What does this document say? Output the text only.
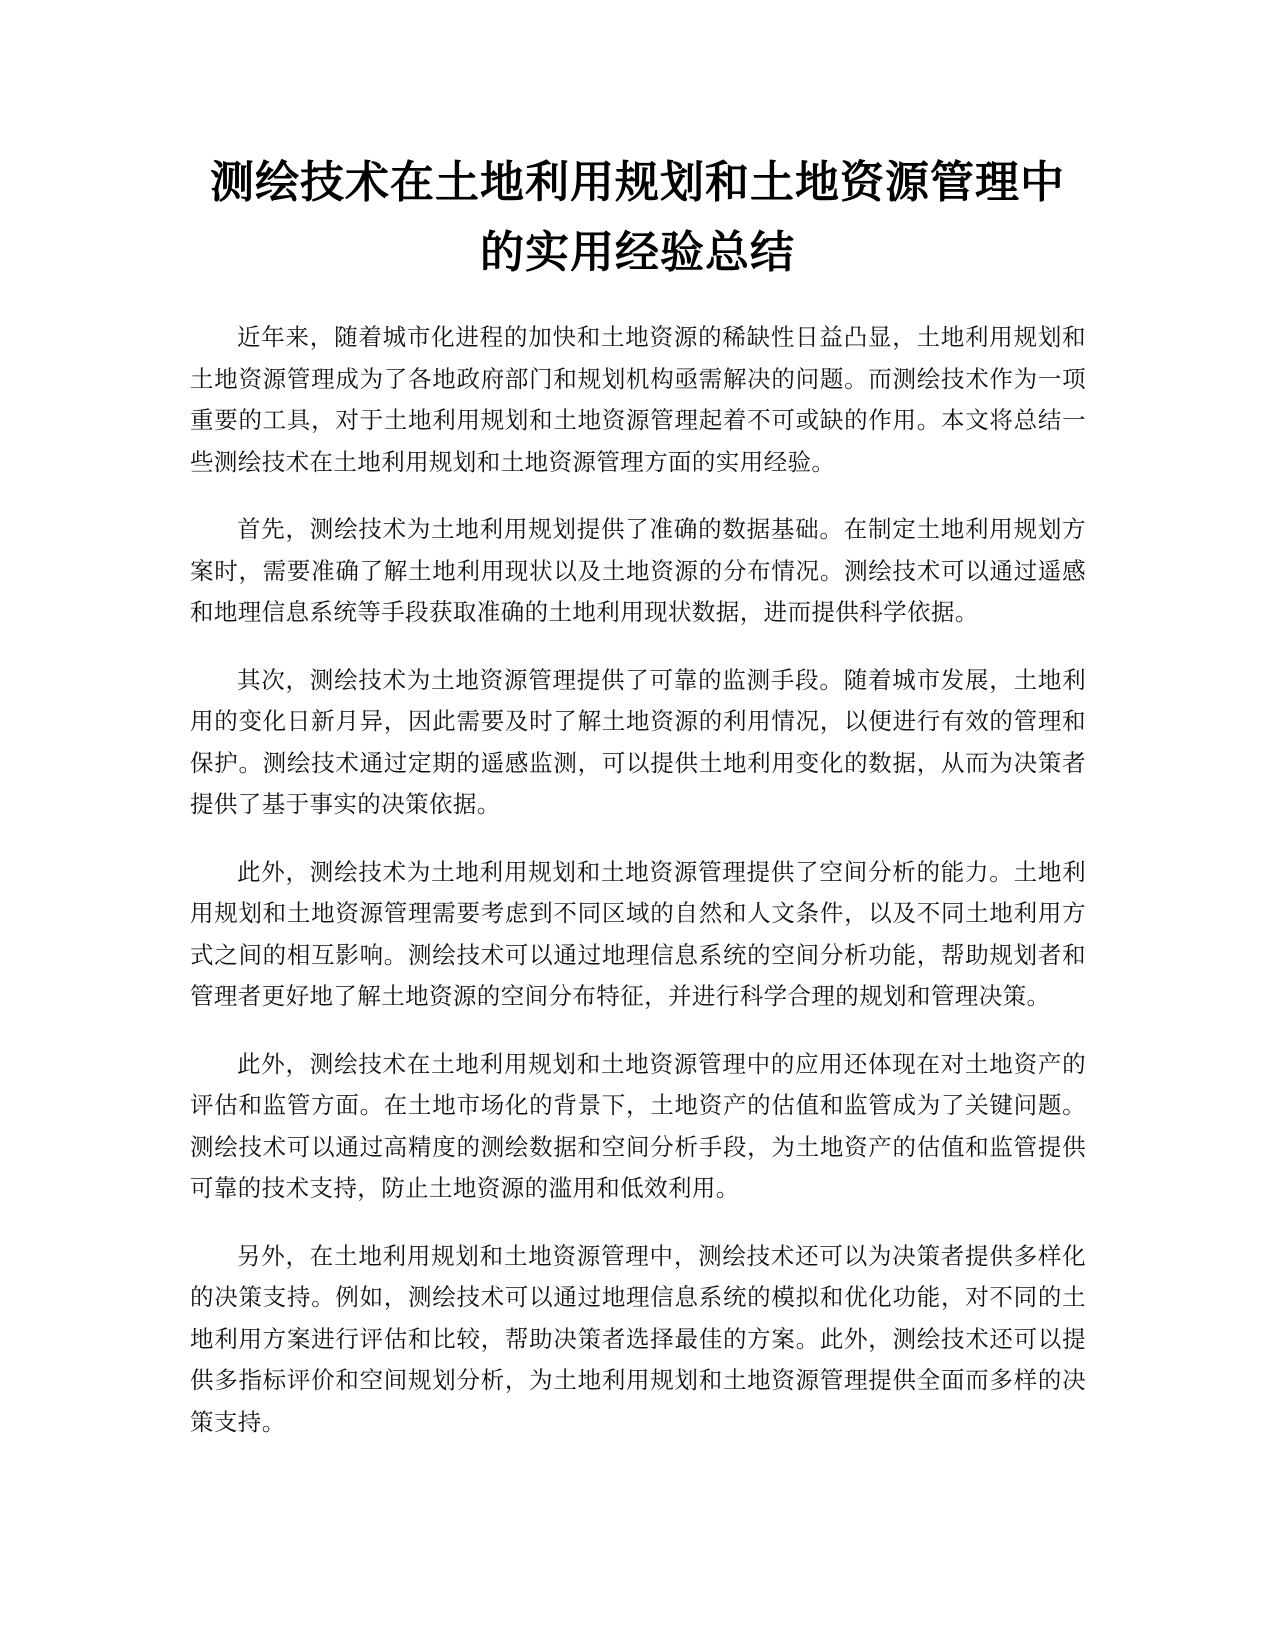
测绘技术在土地利用规划和土地资源管理中
的实用经验总结

近年来，随着城市化进程的加快和土地资源的稀缺性日益凸显，土地利用规划和土地资源管理成为了各地政府部门和规划机构亟需解决的问题。而测绘技术作为一项重要的工具，对于土地利用规划和土地资源管理起着不可或缺的作用。本文将总结一些测绘技术在土地利用规划和土地资源管理方面的实用经验。

首先，测绘技术为土地利用规划提供了准确的数据基础。在制定土地利用规划方案时，需要准确了解土地利用现状以及土地资源的分布情况。测绘技术可以通过遥感和地理信息系统等手段获取准确的土地利用现状数据，进而提供科学依据。

其次，测绘技术为土地资源管理提供了可靠的监测手段。随着城市发展，土地利用的变化日新月异，因此需要及时了解土地资源的利用情况，以便进行有效的管理和保护。测绘技术通过定期的遥感监测，可以提供土地利用变化的数据，从而为决策者提供了基于事实的决策依据。

此外，测绘技术为土地利用规划和土地资源管理提供了空间分析的能力。土地利用规划和土地资源管理需要考虑到不同区域的自然和人文条件，以及不同土地利用方式之间的相互影响。测绘技术可以通过地理信息系统的空间分析功能，帮助规划者和管理者更好地了解土地资源的空间分布特征，并进行科学合理的规划和管理决策。

此外，测绘技术在土地利用规划和土地资源管理中的应用还体现在对土地资产的评估和监管方面。在土地市场化的背景下，土地资产的估值和监管成为了关键问题。测绘技术可以通过高精度的测绘数据和空间分析手段，为土地资产的估值和监管提供可靠的技术支持，防止土地资源的滥用和低效利用。

另外，在土地利用规划和土地资源管理中，测绘技术还可以为决策者提供多样化的决策支持。例如，测绘技术可以通过地理信息系统的模拟和优化功能，对不同的土地利用方案进行评估和比较，帮助决策者选择最佳的方案。此外，测绘技术还可以提供多指标评价和空间规划分析，为土地利用规划和土地资源管理提供全面而多样的决策支持。
